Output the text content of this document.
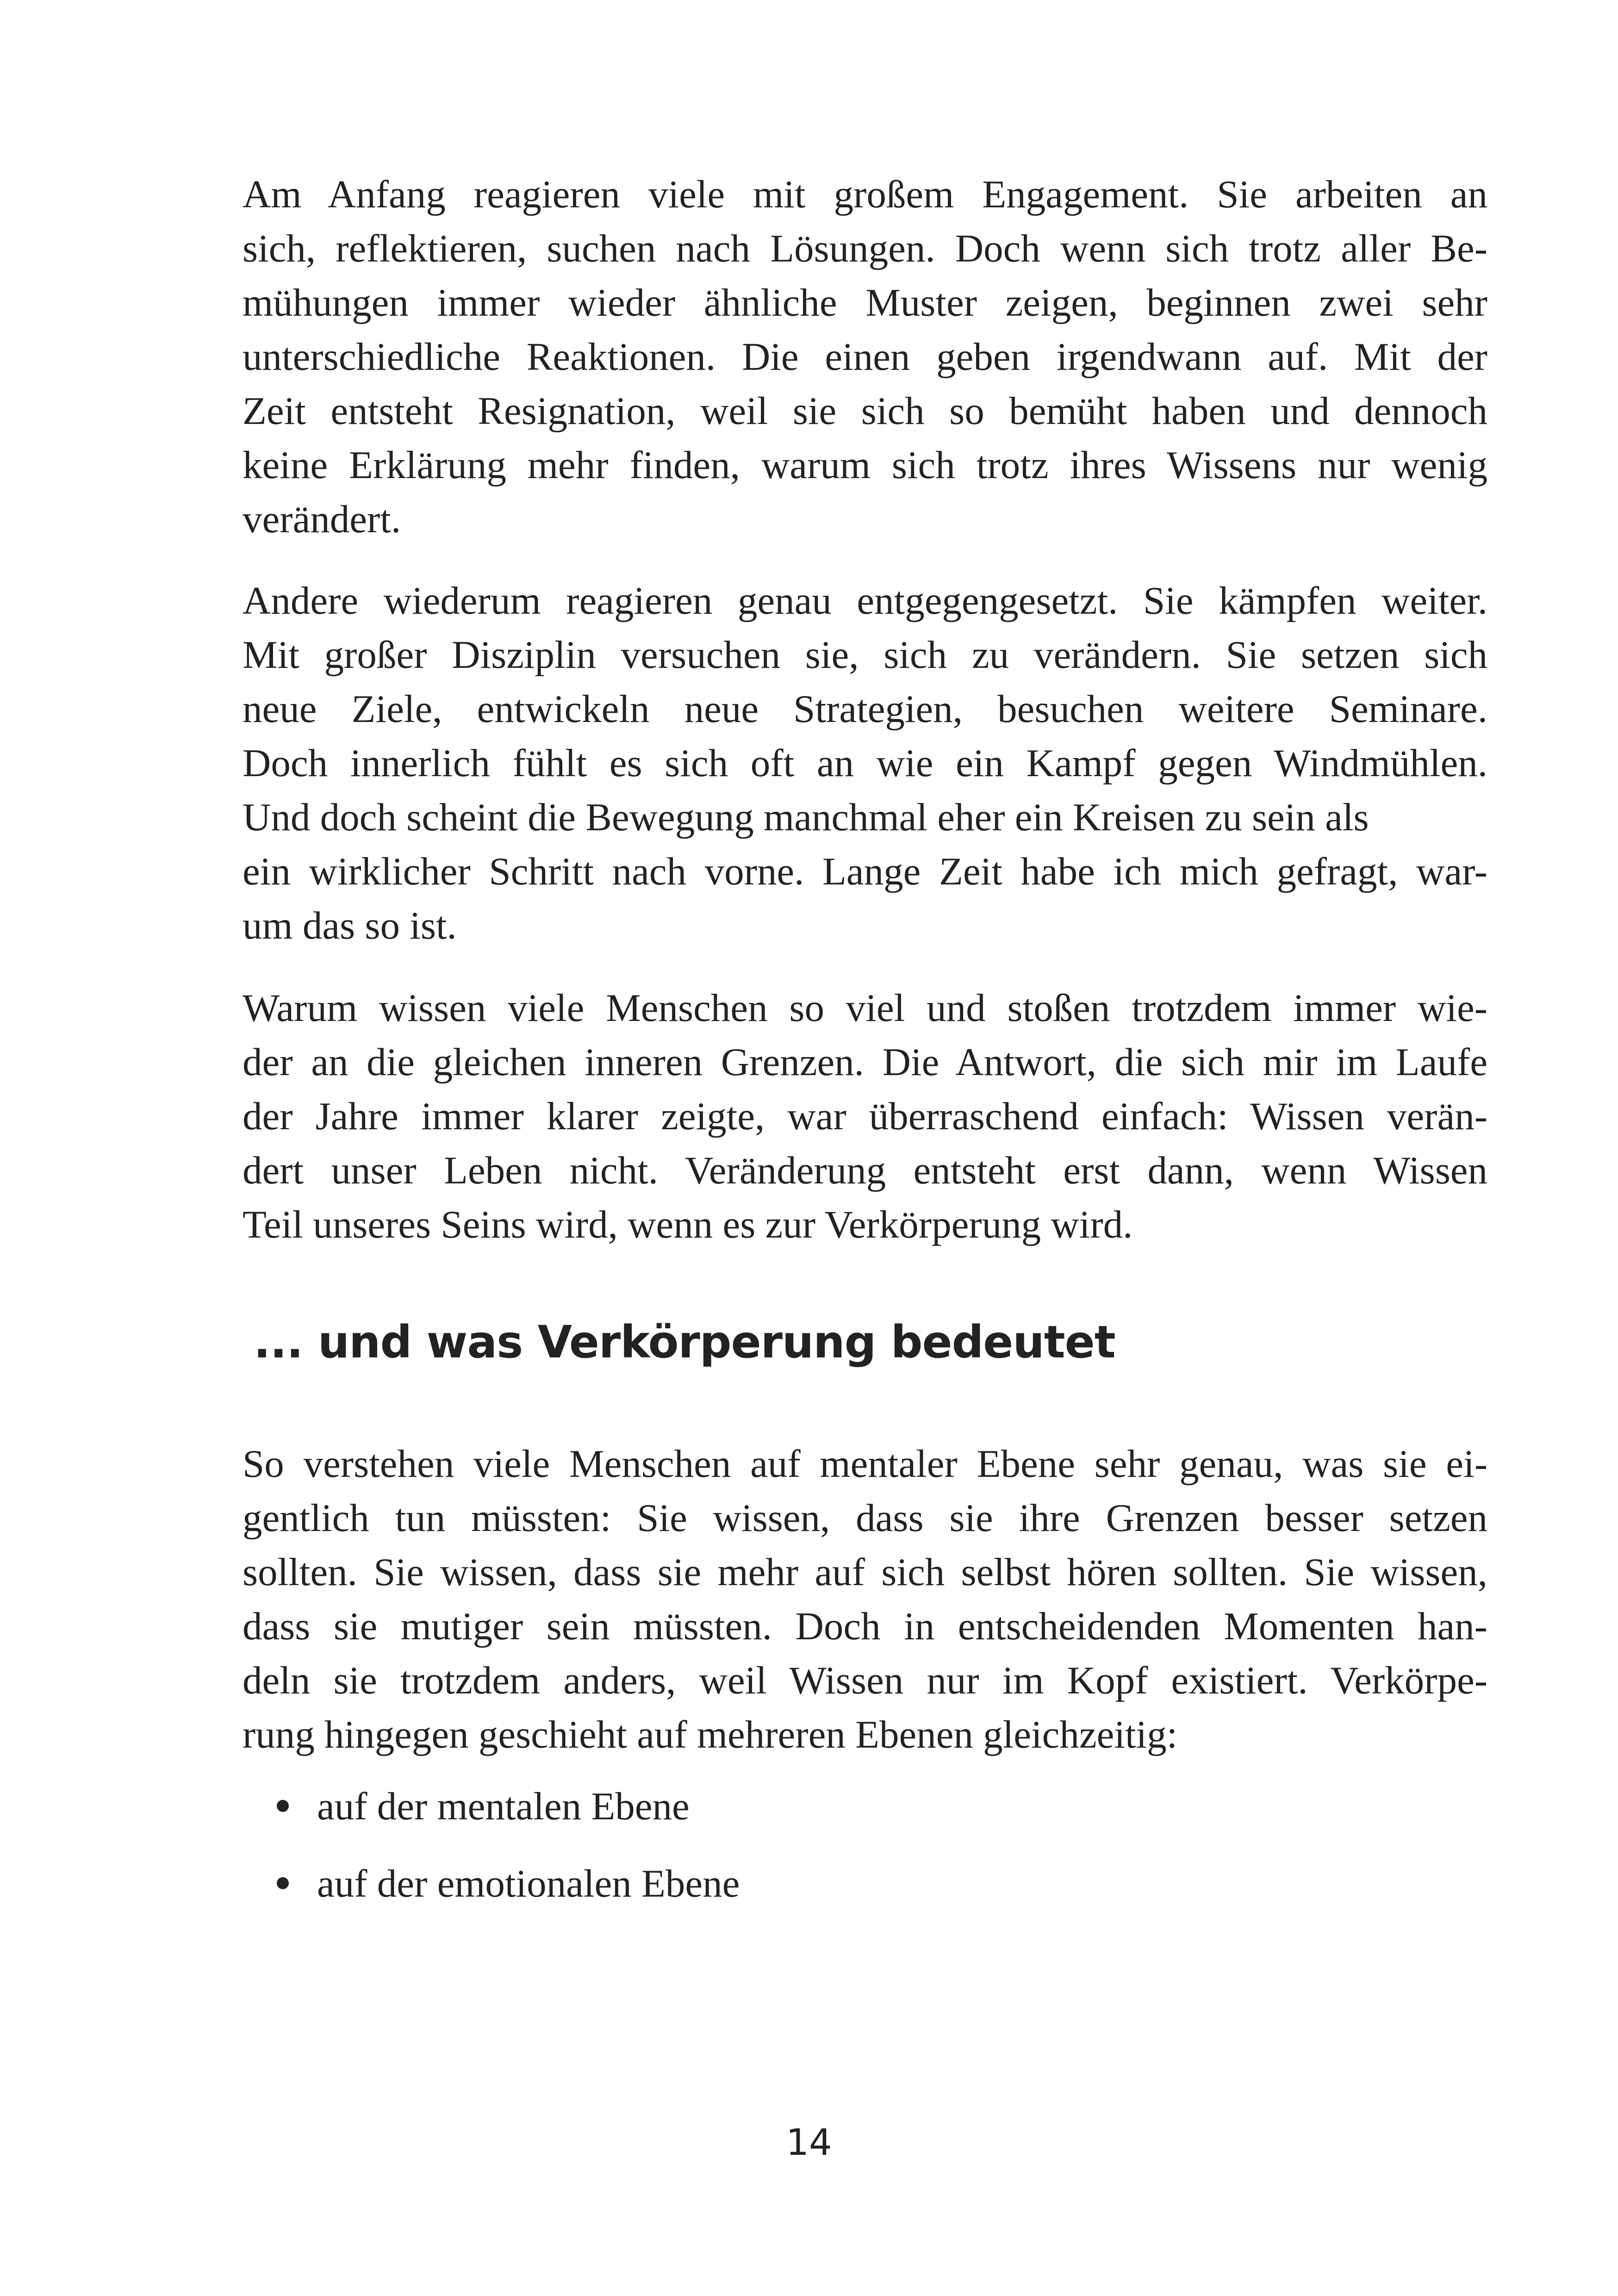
Am Anfang reagieren viele mit großem Engagement. Sie arbeiten an
sich, reflektieren, suchen nach Lösungen. Doch wenn sich trotz aller Be-
mühungen immer wieder ähnliche Muster zeigen, beginnen zwei sehr
unterschiedliche Reaktionen. Die einen geben irgendwann auf. Mit der
Zeit entsteht Resignation, weil sie sich so bemüht haben und dennoch
keine Erklärung mehr finden, warum sich trotz ihres Wissens nur wenig
verändert.
Andere wiederum reagieren genau entgegengesetzt. Sie kämpfen weiter.
Mit großer Disziplin versuchen sie, sich zu verändern. Sie setzen sich
neue Ziele, entwickeln neue Strategien, besuchen weitere Seminare.
Doch innerlich fühlt es sich oft an wie ein Kampf gegen Windmühlen.
Und doch scheint die Bewegung manchmal eher ein Kreisen zu sein als
ein wirklicher Schritt nach vorne. Lange Zeit habe ich mich gefragt, war-
um das so ist.
Warum wissen viele Menschen so viel und stoßen trotzdem immer wie-
der an die gleichen inneren Grenzen. Die Antwort, die sich mir im Laufe
der Jahre immer klarer zeigte, war überraschend einfach: Wissen verän-
dert unser Leben nicht. Veränderung entsteht erst dann, wenn Wissen
Teil unseres Seins wird, wenn es zur Verkörperung wird.
... und was Verkörperung bedeutet
So verstehen viele Menschen auf mentaler Ebene sehr genau, was sie ei-
gentlich tun müssten: Sie wissen, dass sie ihre Grenzen besser setzen
sollten. Sie wissen, dass sie mehr auf sich selbst hören sollten. Sie wissen,
dass sie mutiger sein müssten. Doch in entscheidenden Momenten han-
deln sie trotzdem anders, weil Wissen nur im Kopf existiert. Verkörpe-
rung hingegen geschieht auf mehreren Ebenen gleichzeitig:
auf der mentalen Ebene
auf der emotionalen Ebene
14
